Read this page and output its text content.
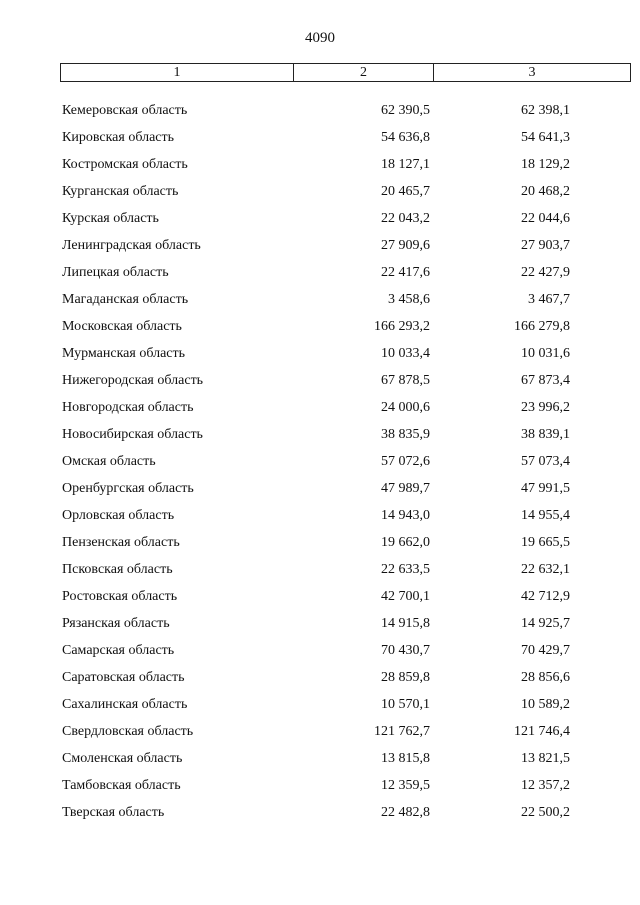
4090
1	2	3
Кемеровская область	62 390,5	62 398,1
Кировская область	54 636,8	54 641,3
Костромская область	18 127,1	18 129,2
Курганская область	20 465,7	20 468,2
Курская область	22 043,2	22 044,6
Ленинградская область	27 909,6	27 903,7
Липецкая область	22 417,6	22 427,9
Магаданская область	3 458,6	3 467,7
Московская область	166 293,2	166 279,8
Мурманская область	10 033,4	10 031,6
Нижегородская область	67 878,5	67 873,4
Новгородская область	24 000,6	23 996,2
Новосибирская область	38 835,9	38 839,1
Омская область	57 072,6	57 073,4
Оренбургская область	47 989,7	47 991,5
Орловская область	14 943,0	14 955,4
Пензенская область	19 662,0	19 665,5
Псковская область	22 633,5	22 632,1
Ростовская область	42 700,1	42 712,9
Рязанская область	14 915,8	14 925,7
Самарская область	70 430,7	70 429,7
Саратовская область	28 859,8	28 856,6
Сахалинская область	10 570,1	10 589,2
Свердловская область	121 762,7	121 746,4
Смоленская область	13 815,8	13 821,5
Тамбовская область	12 359,5	12 357,2
Тверская область	22 482,8	22 500,2
